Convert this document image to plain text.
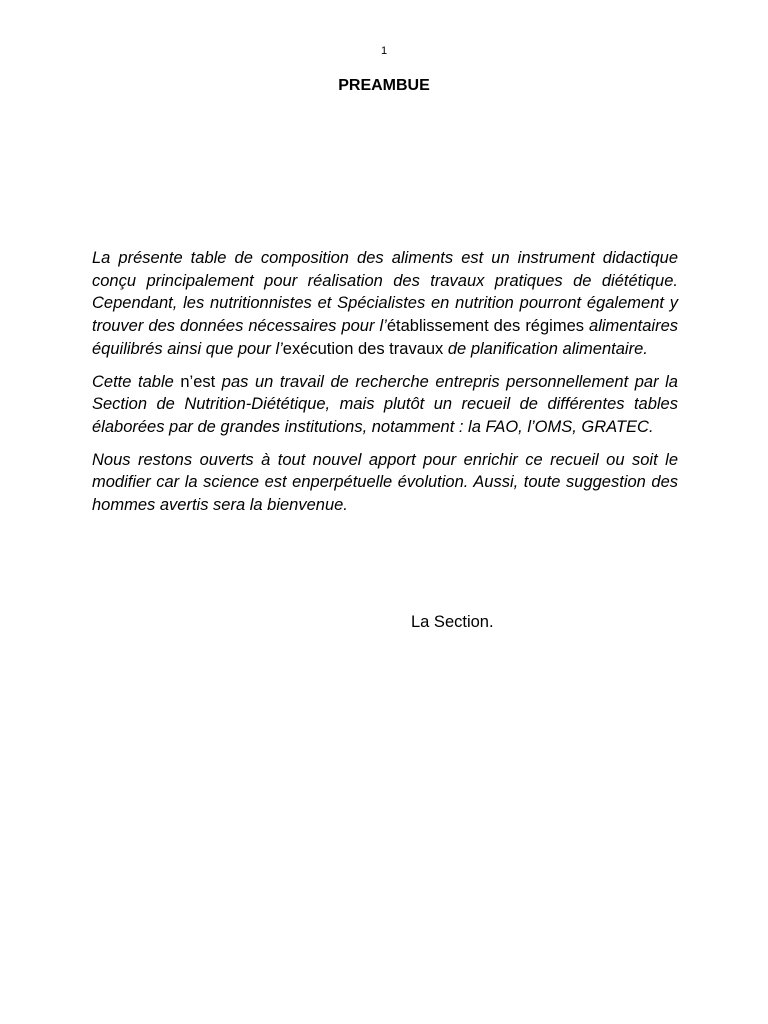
1
PREAMBUE

La présente table de composition des aliments est un instrument didactique conçu principalement pour réalisation des travaux pratiques de diététique. Cependant, les nutritionnistes et Spécialistes en nutrition pourront également y trouver des données nécessaires pour l’établissement des régimes alimentaires équilibrés ainsi que pour l’exécution des travaux de planification alimentaire.

Cette table n’est pas un travail de recherche entrepris personnellement par la Section de Nutrition-Diététique, mais plutôt un recueil de différentes tables élaborées par de grandes institutions, notamment : la FAO, l’OMS, GRATEC.

Nous restons ouverts à tout nouvel apport pour enrichir ce recueil ou soit le modifier car la science est enperpétuelle évolution. Aussi, toute suggestion des hommes avertis sera la bienvenue.

La Section.
